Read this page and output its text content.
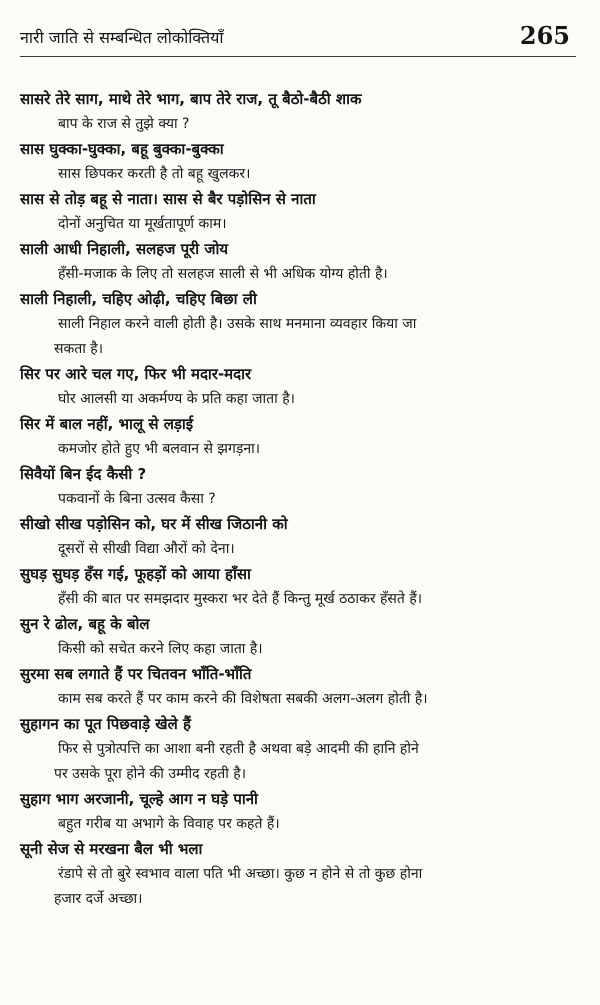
नारी जाति से सम्बन्धित लोकोक्तियाँ	265
सासरे तेरे साग, माथे तेरे भाग, बाप तेरे राज, तू बैठो-बैठी शाक
बाप के राज से तुझे क्या ?
सास घुक्का-घुक्का, बहू बुक्का-बुक्का
सास छिपकर करती है तो बहू खुलकर।
सास से तोड़ बहू से नाता। सास से बैर पड़ोसिन से नाता
दोनों अनुचित या मूर्खतापूर्ण काम।
साली आधी निहाली, सलहज पूरी जोय
हँसी-मजाक के लिए तो सलहज साली से भी अधिक योग्य होती है।
साली निहाली, चहिए ओढ़ी, चहिए बिछा ली
साली निहाल करने वाली होती है। उसके साथ मनमाना व्यवहार किया जा
सकता है।
सिर पर आरे चल गए, फिर भी मदार-मदार
घोर आलसी या अकर्मण्य के प्रति कहा जाता है।
सिर में बाल नहीं, भालू से लड़ाई
कमजोर होते हुए भी बलवान से झगड़ना।
सिवैयों बिन ईद कैसी ?
पकवानों के बिना उत्सव कैसा ?
सीखो सीख पड़ोसिन को, घर में सीख जिठानी को
दूसरों से सीखी विद्या औरों को देना।
सुघड़ सुघड़ हँस गई, फूहड़ों को आया हाँसा
हँसी की बात पर समझदार मुस्करा भर देते हैं किन्तु मूर्ख ठठाकर हँसते हैं।
सुन रे ढोल, बहू के बोल
किसी को सचेत करने लिए कहा जाता है।
सुरमा सब लगाते हैं पर चितवन भाँति-भाँति
काम सब करते हैं पर काम करने की विशेषता सबकी अलग-अलग होती है।
सुहागन का पूत पिछवाड़े खेले हैं
फिर से पुत्रोत्पत्ति का आशा बनी रहती है अथवा बड़े आदमी की हानि होने
पर उसके पूरा होने की उम्मीद रहती है।
सुहाग भाग अरजानी, चूल्हे आग न घड़े पानी
बहुत गरीब या अभागे के विवाह पर कहते हैं।
सूनी सेज से मरखना बैल भी भला
रंडापे से तो बुरे स्वभाव वाला पति भी अच्छा। कुछ न होने से तो कुछ होना
हजार दर्जे अच्छा।
